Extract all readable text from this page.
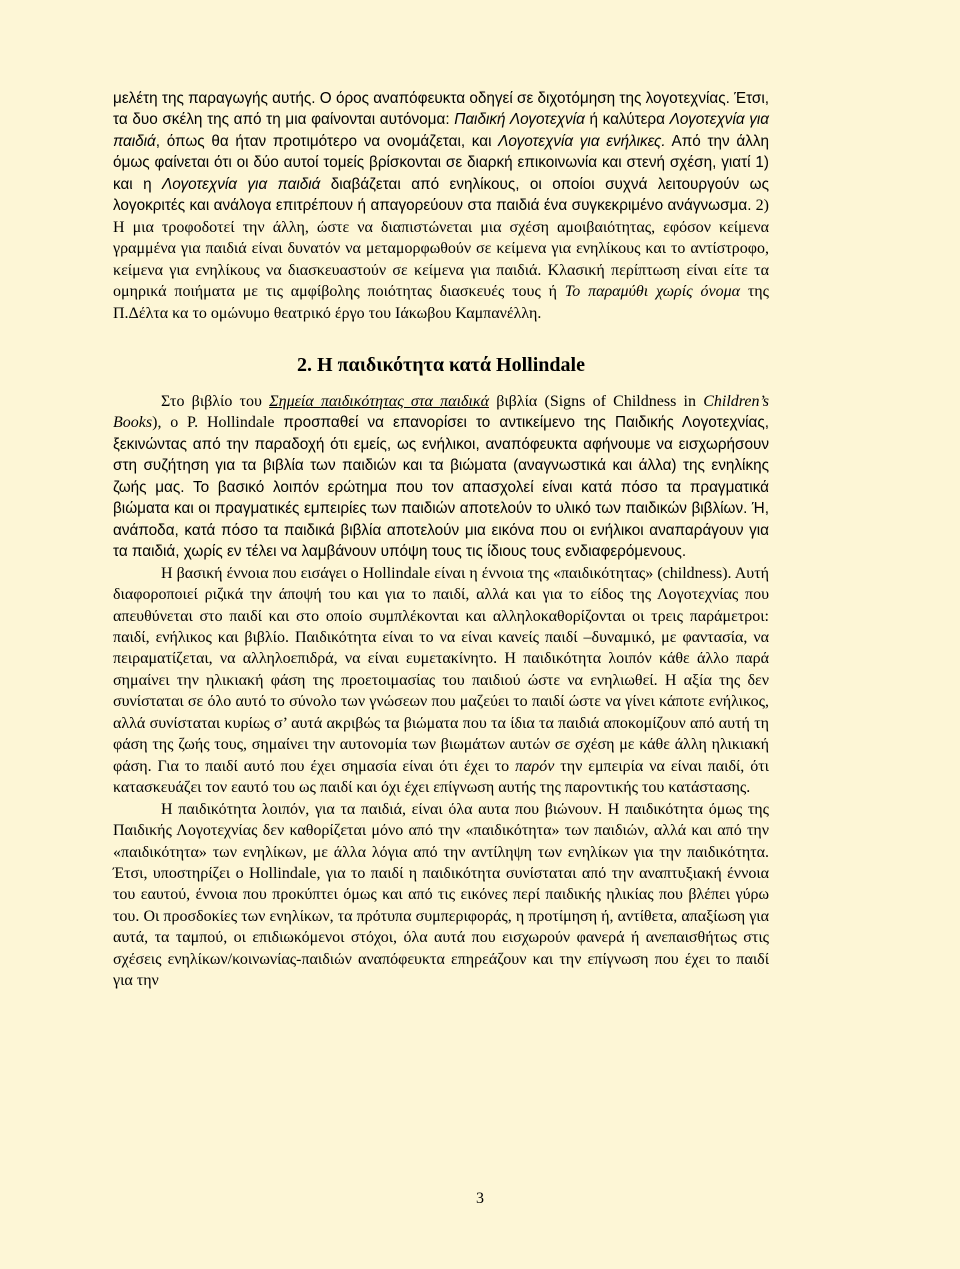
μελέτη της παραγωγής αυτής. Ο όρος αναπόφευκτα οδηγεί σε διχοτόμηση της λογοτεχνίας. Έτσι, τα δυο σκέλη της από τη μια φαίνονται αυτόνομα: Παιδική Λογοτεχνία ή καλύτερα Λογοτεχνία για παιδιά, όπως θα ήταν προτιμότερο να ονομάζεται, και Λογοτεχνία για ενήλικες. Από την άλλη όμως φαίνεται ότι οι δύο αυτοί τομείς βρίσκονται σε διαρκή επικοινωνία και στενή σχέση, γιατί 1) και η Λογοτεχνία για παιδιά διαβάζεται από ενηλίκους, οι οποίοι συχνά λειτουργούν ως λογοκριτές και ανάλογα επιτρέπουν ή απαγορεύουν στα παιδιά ένα συγκεκριμένο ανάγνωσμα. 2) Η μια τροφοδοτεί την άλλη, ώστε να διαπιστώνεται μια σχέση αμοιβαιότητας, εφόσον κείμενα γραμμένα για παιδιά είναι δυνατόν να μεταμορφωθούν σε κείμενα για ενηλίκους και το αντίστροφο, κείμενα για ενηλίκους να διασκευαστούν σε κείμενα για παιδιά. Κλασική περίπτωση είναι είτε τα ομηρικά ποιήματα με τις αμφίβολης ποιότητας διασκευές τους ή Το παραμύθι χωρίς όνομα της Π.Δέλτα κα το ομώνυμο θεατρικό έργο του Ιάκωβου Καμπανέλλη.

2. Η παιδικότητα κατά Hollindale

Στο βιβλίο του Σημεία παιδικότητας στα παιδικά βιβλία (Signs of Childness in Children’s Books), ο P. Hollindale προσπαθεί να επανορίσει το αντικείμενο της Παιδικής Λογοτεχνίας, ξεκινώντας από την παραδοχή ότι εμείς, ως ενήλικοι, αναπόφευκτα αφήνουμε να εισχωρήσουν στη συζήτηση για τα βιβλία των παιδιών και τα βιώματα (αναγνωστικά και άλλα) της ενηλίκης ζωής μας. Το βασικό λοιπόν ερώτημα που τον απασχολεί είναι κατά πόσο τα πραγματικά βιώματα και οι πραγματικές εμπειρίες των παιδιών αποτελούν το υλικό των παιδικών βιβλίων. Ή, ανάποδα, κατά πόσο τα παιδικά βιβλία αποτελούν μια εικόνα που οι ενήλικοι αναπαράγουν για τα παιδιά, χωρίς εν τέλει να λαμβάνουν υπόψη τους τις ίδιους τους ενδιαφερόμενους.

Η βασική έννοια που εισάγει ο Hollindale είναι η έννοια της «παιδικότητας» (childness). Αυτή διαφοροποιεί ριζικά την άποψή του και για το παιδί, αλλά και για το είδος της Λογοτεχνίας που απευθύνεται στο παιδί και στο οποίο συμπλέκονται και αλληλοκαθορίζονται οι τρεις παράμετροι: παιδί, ενήλικος και βιβλίο. Παιδικότητα είναι το να είναι κανείς παιδί –δυναμικό, με φαντασία, να πειραματίζεται, να αλληλοεπιδρά, να είναι ευμετακίνητο. Η παιδικότητα λοιπόν κάθε άλλο παρά σημαίνει την ηλικιακή φάση της προετοιμασίας του παιδιού ώστε να ενηλιωθεί. Η αξία της δεν συνίσταται σε όλο αυτό το σύνολο των γνώσεων που μαζεύει το παιδί ώστε να γίνει κάποτε ενήλικος, αλλά συνίσταται κυρίως σ’ αυτά ακριβώς τα βιώματα που τα ίδια τα παιδιά αποκομίζουν από αυτή τη φάση της ζωής τους, σημαίνει την αυτονομία των βιωμάτων αυτών σε σχέση με κάθε άλλη ηλικιακή φάση. Για το παιδί αυτό που έχει σημασία είναι ότι έχει το παρόν την εμπειρία να είναι παιδί, ότι κατασκευάζει τον εαυτό του ως παιδί και όχι έχει επίγνωση αυτής της παροντικής του κατάστασης.

Η παιδικότητα λοιπόν, για τα παιδιά, είναι όλα αυτα που βιώνουν. Η παιδικότητα όμως της Παιδικής Λογοτεχνίας δεν καθορίζεται μόνο από την «παιδικότητα» των παιδιών, αλλά και από την «παιδικότητα» των ενηλίκων, με άλλα λόγια από την αντίληψη των ενηλίκων για την παιδικότητα. Έτσι, υποστηρίζει ο Hollindale, για το παιδί η παιδικότητα συνίσταται από την αναπτυξιακή έννοια του εαυτού, έννοια που προκύπτει όμως και από τις εικόνες περί παιδικής ηλικίας που βλέπει γύρω του. Οι προσδοκίες των ενηλίκων, τα πρότυπα συμπεριφοράς, η προτίμηση ή, αντίθετα, απαξίωση για αυτά, τα ταμπού, οι επιδιωκόμενοι στόχοι, όλα αυτά που εισχωρούν φανερά ή ανεπαισθήτως στις σχέσεις ενηλίκων/κοινωνίας-παιδιών αναπόφευκτα επηρεάζουν και την επίγνωση που έχει το παιδί για την

3
